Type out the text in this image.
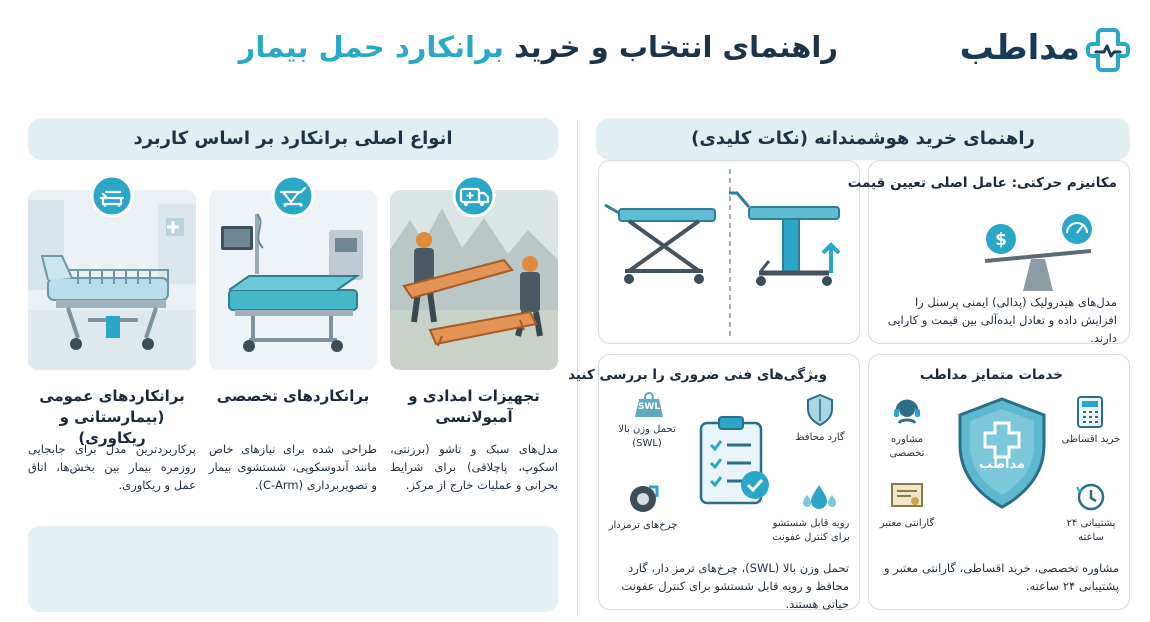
راهنمای انتخاب و خرید برانکارد حمل بیمار	مداطب
انواع اصلی برانکارد بر اساس کاربرد
برانکاردهای عمومی (بیمارستانی و ریکاوری)
پرکاربردترین مدل برای جابجایی روزمره بیمار بین بخش‌ها، اتاق عمل و ریکاوری.
برانکاردهای تخصصی
طراحی شده برای نیازهای خاص مانند آندوسکوپی، شستشوی بیمار و تصویربرداری (C-Arm).
تجهیزات امدادی و آمبولانسی
مدل‌های سبک و تاشو (برزنتی، اسکوپ، پاچلاقی) برای شرایط بحرانی و عملیات خارج از مرکز.
راهنمای خرید هوشمندانه (نکات کلیدی)
مکانیزم حرکتی: عامل اصلی تعیین قیمت
$
مدل‌های هیدرولیک (پدالی) ایمنی پرسنل را افزایش داده و تعادل ایده‌آلی بین قیمت و کارایی دارند.
ویژگی‌های فنی ضروری را بررسی کنید
SWL
تحمل وزن بالا (SWL)
گارد محافظ
چرخ‌های ترمزدار	رویه قابل شستشو برای کنترل عفونت
تحمل وزن بالا (SWL)، چرخ‌های ترمز دار، گارد محافظ و رویه قابل شستشو برای کنترل عفونت حیاتی هستند.
خدمات متمایز مداطب
مداطب
مشاوره تخصصی
خرید اقساطی
گارانتی معتبر	پشتیبانی ۲۴ ساعته
مشاوره تخصصی، خرید اقساطی، گارانتی معتبر و پشتیبانی ۲۴ ساعته.
